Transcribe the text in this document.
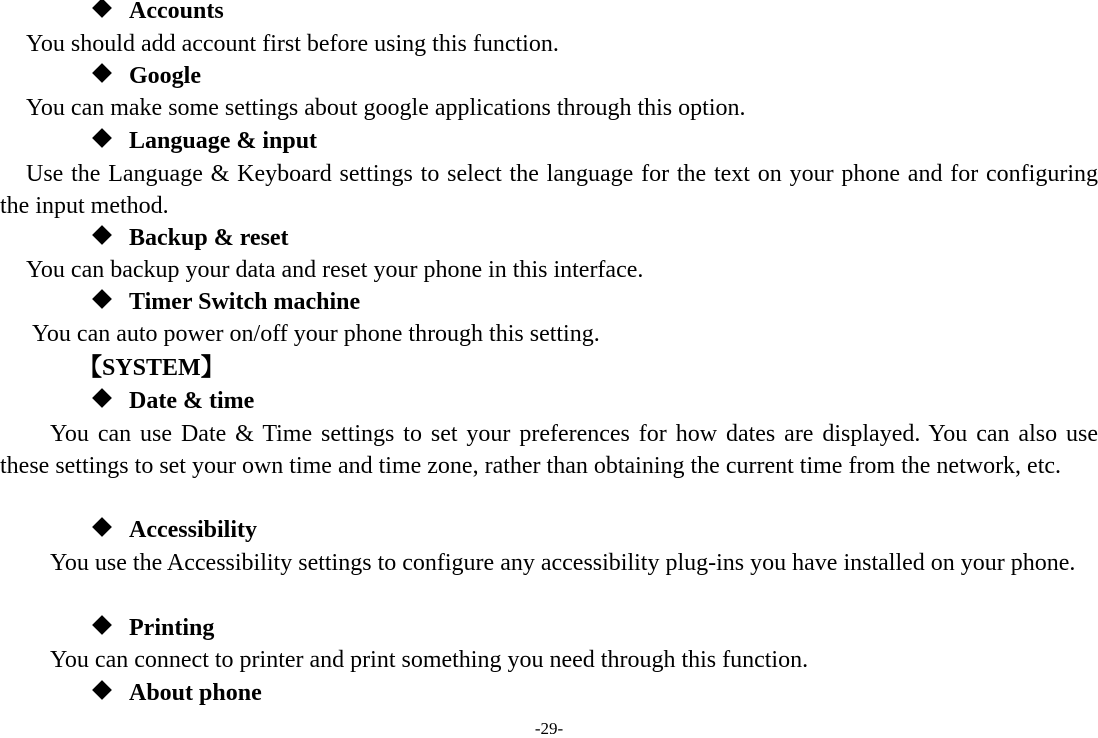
Accounts
You should add account first before using this function.
Google
You can make some settings about google applications through this option.
Language & input
Use the Language & Keyboard settings to select the language for the text on your phone and for configuring the input method.
Backup & reset
You can backup your data and reset your phone in this interface.
Timer Switch machine
You can auto power on/off your phone through this setting.
【SYSTEM】
Date & time
You can use Date & Time settings to set your preferences for how dates are displayed. You can also use these settings to set your own time and time zone, rather than obtaining the current time from the network, etc.
Accessibility
You use the Accessibility settings to configure any accessibility plug-ins you have installed on your phone.
Printing
You can connect to printer and print something you need through this function.
About phone
-29-
